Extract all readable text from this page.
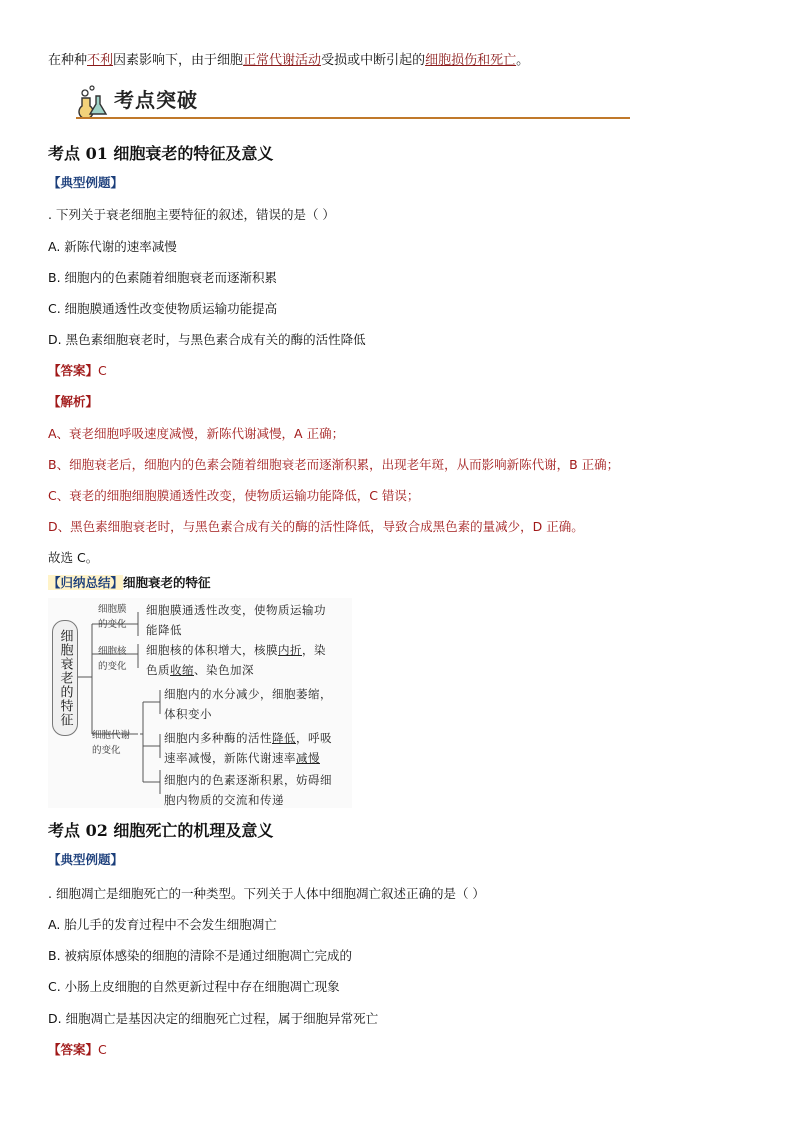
在种种不利因素影响下，由于细胞正常代谢活动受损或中断引起的细胞损伤和死亡。
考点突破
考点 01 细胞衰老的特征及意义
【典型例题】
. 下列关于衰老细胞主要特征的叙述，错误的是（ ）
A. 新陈代谢的速率减慢
B. 细胞内的色素随着细胞衰老而逐渐积累
C. 细胞膜通透性改变使物质运输功能提高
D. 黑色素细胞衰老时，与黑色素合成有关的酶的活性降低
【答案】C
【解析】
A、衰老细胞呼吸速度减慢，新陈代谢减慢，A 正确；
B、细胞衰老后，细胞内的色素会随着细胞衰老而逐渐积累，出现老年斑，从而影响新陈代谢，B 正确；
C、衰老的细胞细胞膜通透性改变，使物质运输功能降低，C 错误；
D、黑色素细胞衰老时，与黑色素合成有关的酶的活性降低，导致合成黑色素的量减少，D 正确。
故选 C。
【归纳总结】细胞衰老的特征
细胞衰老的特征
细胞膜
的变化
细胞膜通透性改变，使物质运输功
能降低
细胞核
的变化
细胞核的体积增大，核膜内折，染
色质收缩、染色加深
细胞代谢
的变化
细胞内的水分减少，细胞萎缩，
体积变小
细胞内多种酶的活性降低，呼吸
速率减慢，新陈代谢速率减慢
细胞内的色素逐渐积累，妨碍细
胞内物质的交流和传递
考点 02 细胞死亡的机理及意义
【典型例题】
. 细胞凋亡是细胞死亡的一种类型。下列关于人体中细胞凋亡叙述正确的是（ ）
A. 胎儿手的发育过程中不会发生细胞凋亡
B. 被病原体感染的细胞的清除不是通过细胞凋亡完成的
C. 小肠上皮细胞的自然更新过程中存在细胞凋亡现象
D. 细胞凋亡是基因决定的细胞死亡过程，属于细胞异常死亡
【答案】C
